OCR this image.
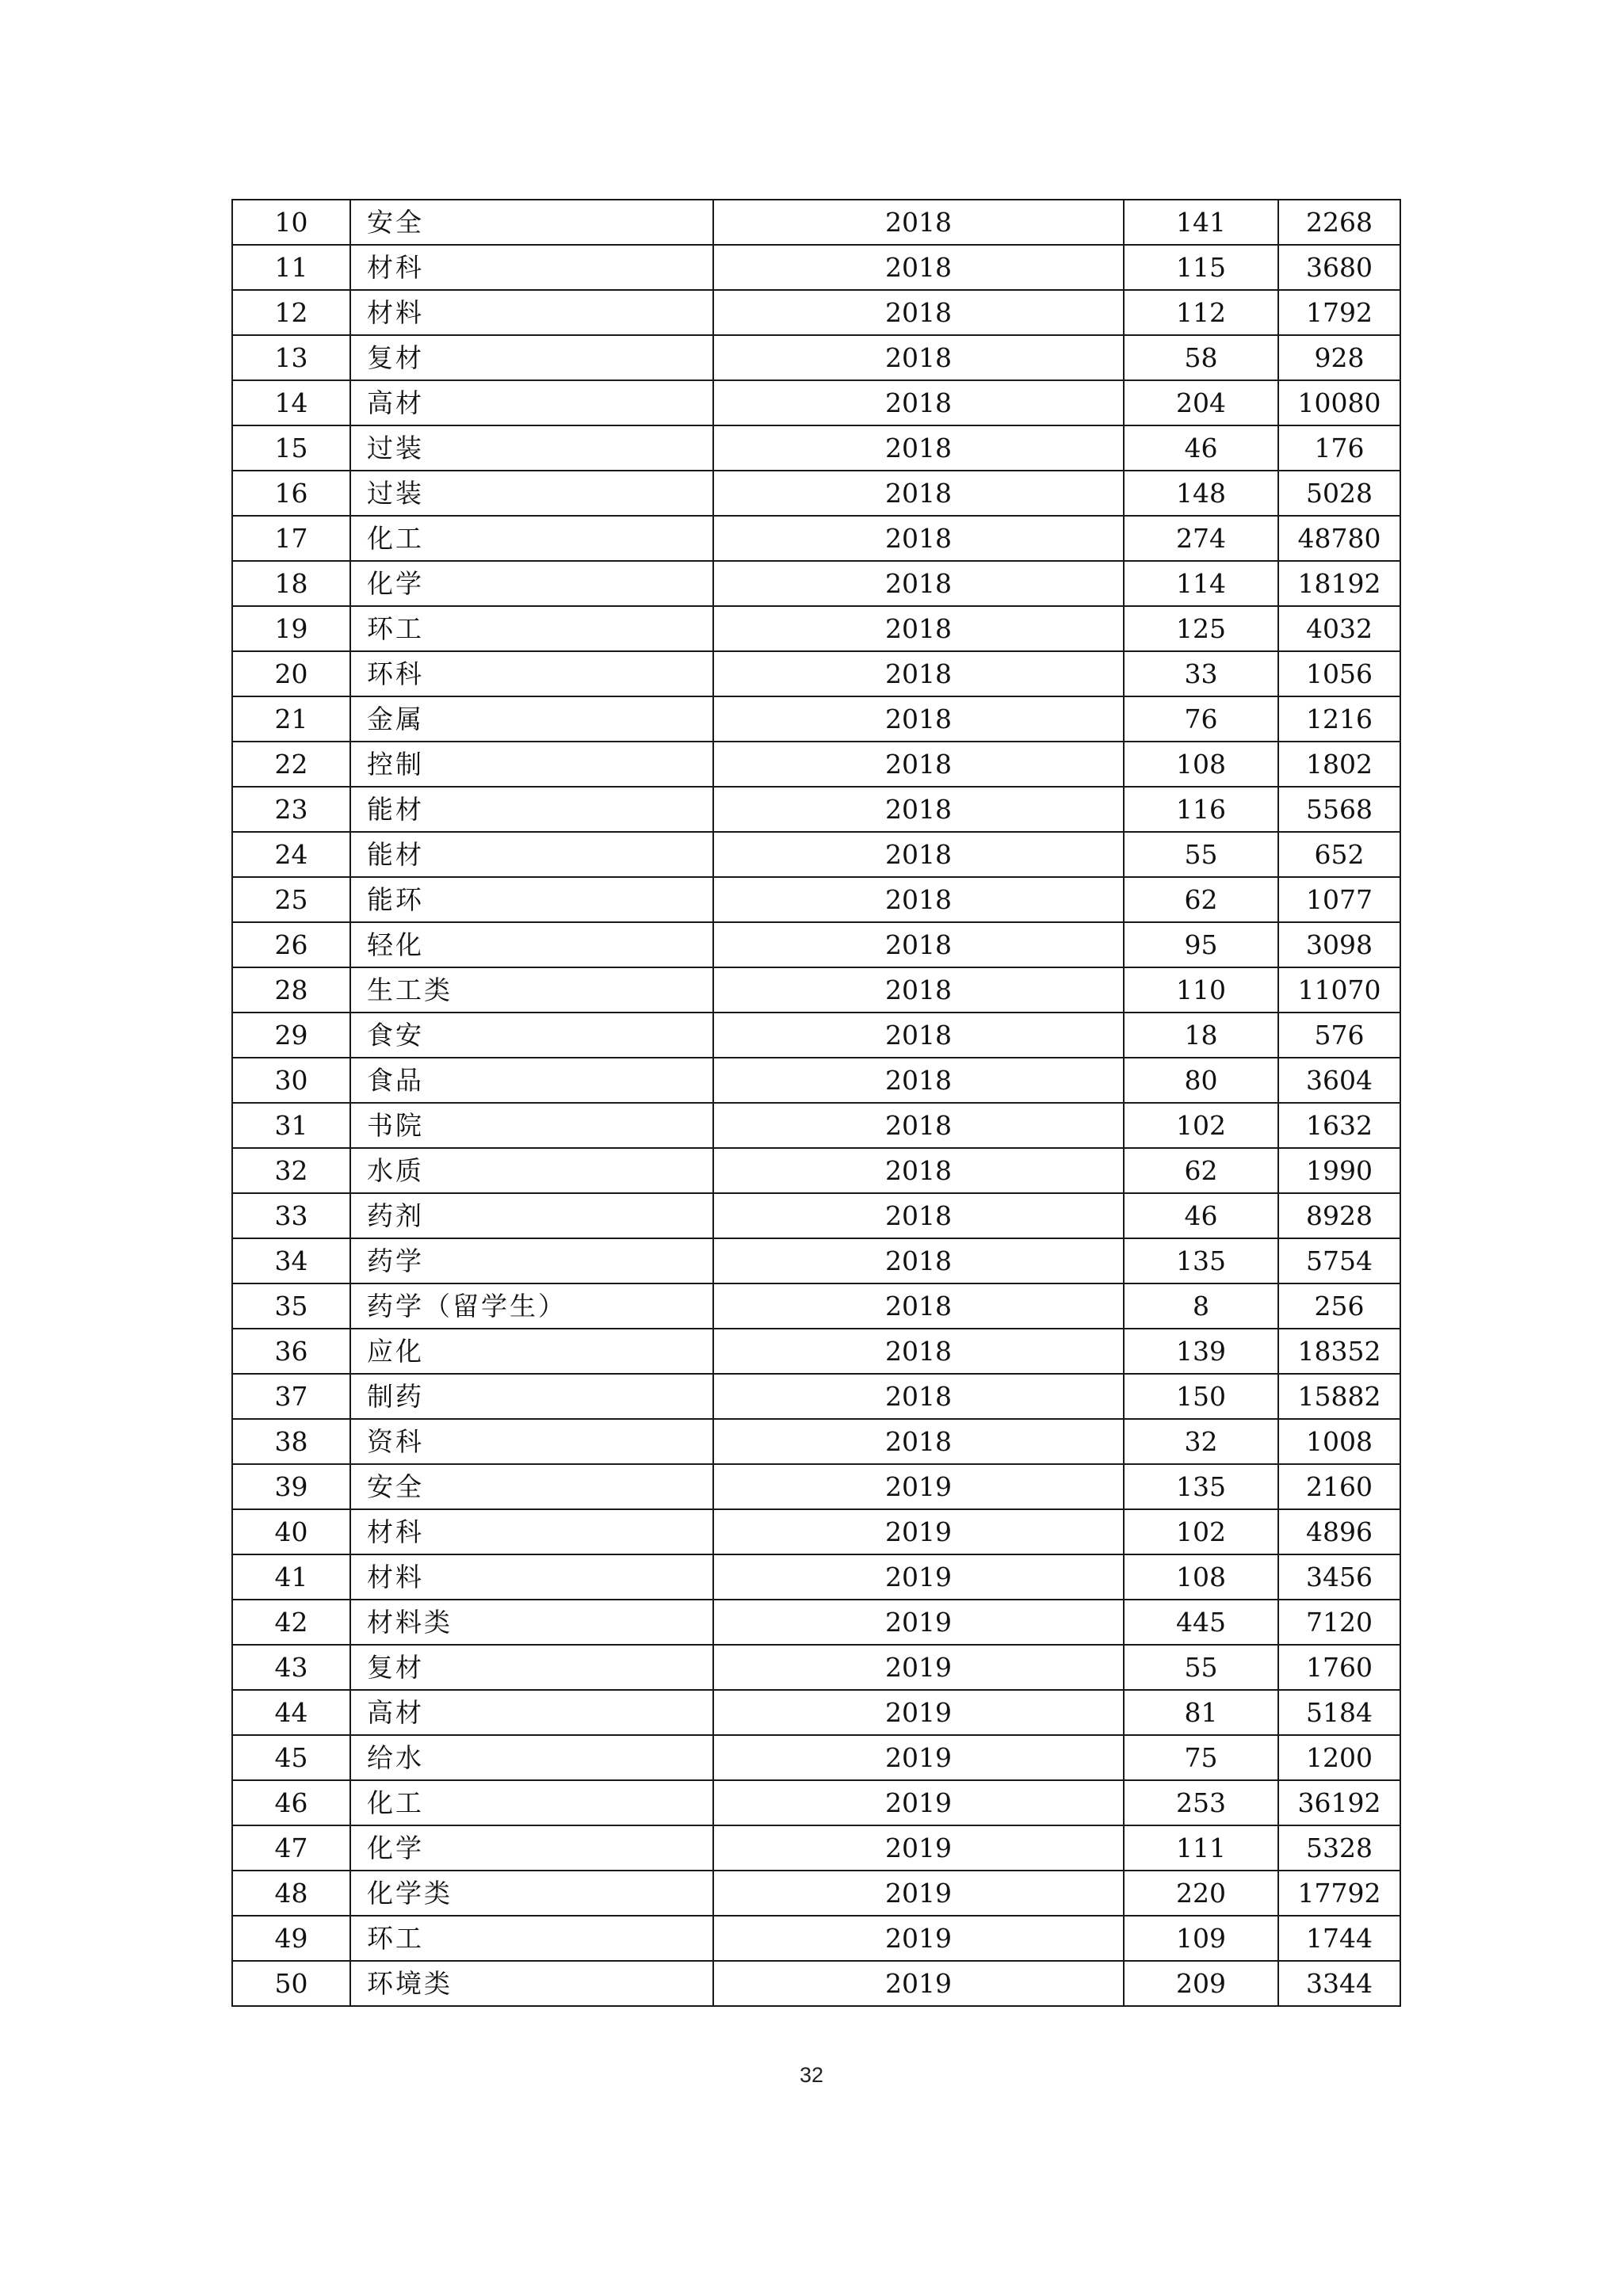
10	安全	2018	141	2268
11	材科	2018	115	3680
12	材料	2018	112	1792
13	复材	2018	58	928
14	高材	2018	204	10080
15	过装	2018	46	176
16	过装	2018	148	5028
17	化工	2018	274	48780
18	化学	2018	114	18192
19	环工	2018	125	4032
20	环科	2018	33	1056
21	金属	2018	76	1216
22	控制	2018	108	1802
23	能材	2018	116	5568
24	能材	2018	55	652
25	能环	2018	62	1077
26	轻化	2018	95	3098
28	生工类	2018	110	11070
29	食安	2018	18	576
30	食品	2018	80	3604
31	书院	2018	102	1632
32	水质	2018	62	1990
33	药剂	2018	46	8928
34	药学	2018	135	5754
35	药学（留学生）	2018	8	256
36	应化	2018	139	18352
37	制药	2018	150	15882
38	资科	2018	32	1008
39	安全	2019	135	2160
40	材科	2019	102	4896
41	材料	2019	108	3456
42	材料类	2019	445	7120
43	复材	2019	55	1760
44	高材	2019	81	5184
45	给水	2019	75	1200
46	化工	2019	253	36192
47	化学	2019	111	5328
48	化学类	2019	220	17792
49	环工	2019	109	1744
50	环境类	2019	209	3344
32
